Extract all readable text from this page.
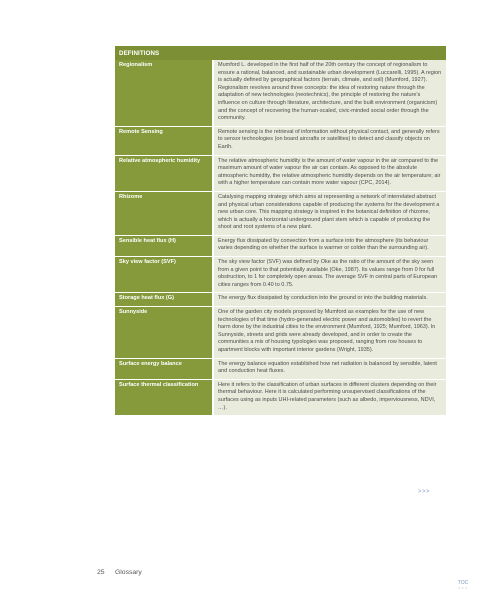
DEFINITIONS	
Regionalism	Mumford L. developed in the first half of the 20th century the concept of regionalism to ensure a rational, balanced, and sustainable urban development (Luccarelli, 1995). A region is actually defined by geographical factors (terrain, climate, and soil) (Mumford, 1927). Regionalism revolves around three concepts: the idea of restoring nature through the adaptation of new technologies (neotechnics), the principle of restoring the nature’s influence on culture through literature, architecture, and the built environment (organicism) and the concept of recovering the human-scaled, civic-minded social order through the community.
Remote Sensing	Remote sensing is the retrieval of information without physical contact, and generally refers to sensor technologies (on board aircrafts or satellites) to detect and classify objects on Earth.
Relative atmospheric humidity	The relative atmospheric humidity is the amount of water vapour in the air compared to the maximum amount of water vapour the air can contain. As opposed to the absolute atmospheric humidity, the relative atmospheric humidity depends on the air temperature; air with a higher temperature can contain more water vapour (CPC, 2014).
Rhizome	Catalysing mapping strategy which aims at representing a network of interrelated abstract and physical urban considerations capable of producing the systems for the development a new urban core. This mapping strategy is inspired in the botanical definition of rhizome, which is actually a horizontal underground plant stem which is capable of producing the shoot and root systems of a new plant.
Sensible heat flux (H)	Energy flux dissipated by convection from a surface into the atmosphere (its behaviour varies depending on whether the surface is warmer or colder than the surrounding air).
Sky view factor (SVF)	The sky view factor (SVF) was defined by Oke as the ratio of the amount of the sky seen from a given point to that potentially available (Oke, 1987). Its values range from 0 for full obstruction, to 1 for completely open areas. The average SVF in central parts of European cities ranges from 0.40 to 0.75.
Storage heat flux (G)	The energy flux dissipated by conduction into the ground or into the building materials.
Sunnyside	One of the garden city models proposed by Mumford as examples for the use of new technologies of that time (hydro-generated electric power and automobiles) to revert the harm done by the industrial cities to the environment (Mumford, 1925; Mumford, 1963). In Sunnyside, streets and grids were already developed, and in order to create the communities a mix of housing typologies was proposed, ranging from row houses to apartment blocks with important interior gardens (Wright, 1935).
Surface energy balance	The energy balance equation established how net radiation is balanced by sensible, latent and conduction heat fluxes.
Surface thermal classification	Here it refers to the classification of urban surfaces in different clusters depending on their thermal behaviour. Here it is calculated performing unsupervised classifications of the surfaces using as inputs UHI-related parameters (such as albedo, imperviousness, NDVI, …).
>>>
25 Glossary
TOC
• • •
